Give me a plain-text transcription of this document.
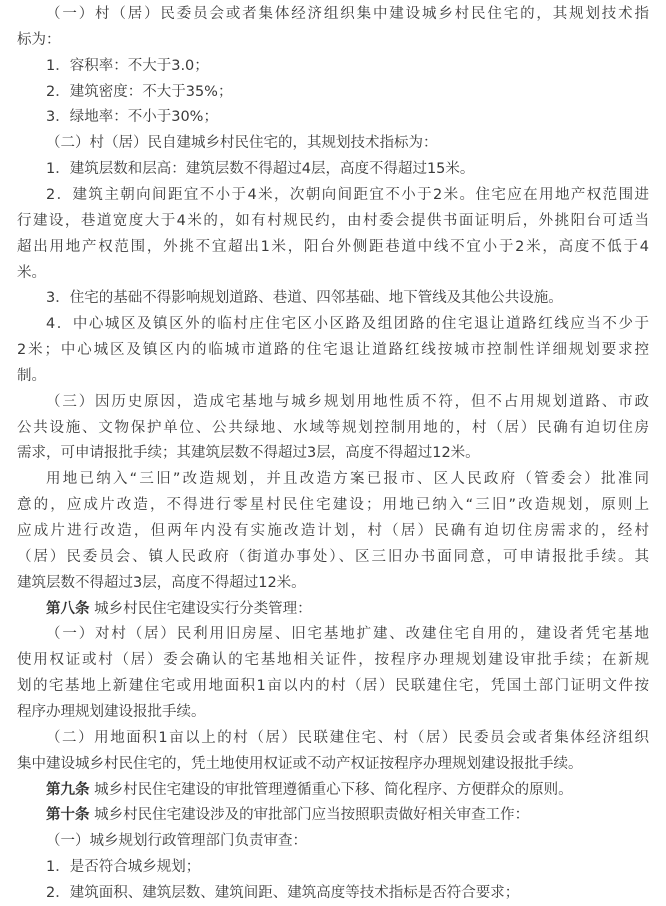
（一）村（居）民委员会或者集体经济组织集中建设城乡村民住宅的，其规划技术指
标为：
1．容积率：不大于3.0；
2．建筑密度：不大于35%；
3．绿地率：不小于30%；
（二）村（居）民自建城乡村民住宅的，其规划技术指标为：
1．建筑层数和层高：建筑层数不得超过4层，高度不得超过15米。
2．建筑主朝向间距宜不小于4米，次朝向间距宜不小于2米。住宅应在用地产权范围进
行建设，巷道宽度大于4米的，如有村规民约，由村委会提供书面证明后，外挑阳台可适当
超出用地产权范围，外挑不宜超出1米，阳台外侧距巷道中线不宜小于2米，高度不低于4
米。
3．住宅的基础不得影响规划道路、巷道、四邻基础、地下管线及其他公共设施。
4．中心城区及镇区外的临村庄住宅区小区路及组团路的住宅退让道路红线应当不少于
2米；中心城区及镇区内的临城市道路的住宅退让道路红线按城市控制性详细规划要求控
制。
（三）因历史原因，造成宅基地与城乡规划用地性质不符，但不占用规划道路、市政
公共设施、文物保护单位、公共绿地、水域等规划控制用地的，村（居）民确有迫切住房
需求，可申请报批手续；其建筑层数不得超过3层，高度不得超过12米。
用地已纳入“三旧”改造规划，并且改造方案已报市、区人民政府（管委会）批准同
意的，应成片改造，不得进行零星村民住宅建设；用地已纳入“三旧”改造规划，原则上
应成片进行改造，但两年内没有实施改造计划，村（居）民确有迫切住房需求的，经村
（居）民委员会、镇人民政府（街道办事处）、区三旧办书面同意，可申请报批手续。其
建筑层数不得超过3层，高度不得超过12米。
第八条 城乡村民住宅建设实行分类管理：
（一）对村（居）民利用旧房屋、旧宅基地扩建、改建住宅自用的，建设者凭宅基地
使用权证或村（居）委会确认的宅基地相关证件，按程序办理规划建设审批手续；在新规
划的宅基地上新建住宅或用地面积1亩以内的村（居）民联建住宅，凭国土部门证明文件按
程序办理规划建设报批手续。
（二）用地面积1亩以上的村（居）民联建住宅、村（居）民委员会或者集体经济组织
集中建设城乡村民住宅的，凭土地使用权证或不动产权证按程序办理规划建设报批手续。
第九条 城乡村民住宅建设的审批管理遵循重心下移、简化程序、方便群众的原则。
第十条 城乡村民住宅建设涉及的审批部门应当按照职责做好相关审查工作：
（一）城乡规划行政管理部门负责审查：
1．是否符合城乡规划；
2．建筑面积、建筑层数、建筑间距、建筑高度等技术指标是否符合要求；
